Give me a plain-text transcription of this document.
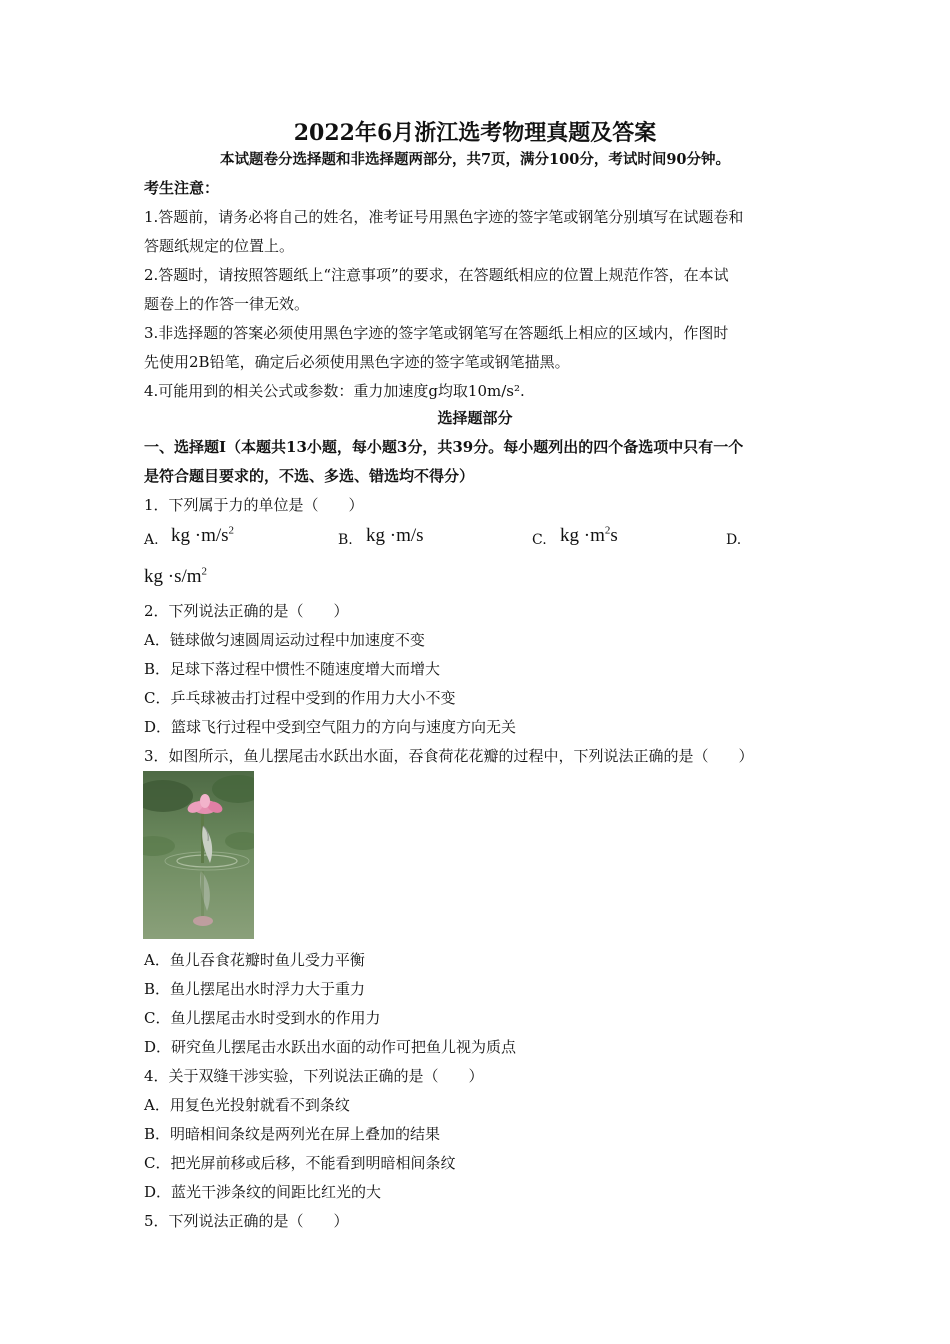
2022年6月浙江选考物理真题及答案
本试题卷分选择题和非选择题两部分，共7页，满分100分，考试时间90分钟。
考生注意：
1.答题前，请务必将自己的姓名，准考证号用黑色字迹的签字笔或钢笔分别填写在试题卷和
答题纸规定的位置上。
2.答题时，请按照答题纸上“注意事项”的要求，在答题纸相应的位置上规范作答，在本试
题卷上的作答一律无效。
3.非选择题的答案必须使用黑色字迹的签字笔或钢笔写在答题纸上相应的区域内，作图时
先使用2B铅笔，确定后必须使用黑色字迹的签字笔或钢笔描黑。
4.可能用到的相关公式或参数：重力加速度g均取10m/s².
选择题部分
一、选择题Ⅰ（本题共13小题，每小题3分，共39分。每小题列出的四个备选项中只有一个
是符合题目要求的，不选、多选、错选均不得分）
1．下列属于力的单位是（　　）
A. kg $\cdot m/s^2$
B. kg ·m/s	C. kg $\cdot m^2s$	D.
kg $\cdot s/m^2$
2．下列说法正确的是（　　）
A．链球做匀速圆周运动过程中加速度不变
B．足球下落过程中惯性不随速度增大而增大
C．乒乓球被击打过程中受到的作用力大小不变
D．篮球飞行过程中受到空气阻力的方向与速度方向无关
3．如图所示，鱼儿摆尾击水跃出水面，吞食荷花花瓣的过程中，下列说法正确的是（　　）
A．鱼儿吞食花瓣时鱼儿受力平衡
B．鱼儿摆尾出水时浮力大于重力
C．鱼儿摆尾击水时受到水的作用力
D．研究鱼儿摆尾击水跃出水面的动作可把鱼儿视为质点
4．关于双缝干涉实验，下列说法正确的是（　　）
A．用复色光投射就看不到条纹
B．明暗相间条纹是两列光在屏上叠加的结果
C．把光屏前移或后移，不能看到明暗相间条纹
D．蓝光干涉条纹的间距比红光的大
5．下列说法正确的是（　　）
